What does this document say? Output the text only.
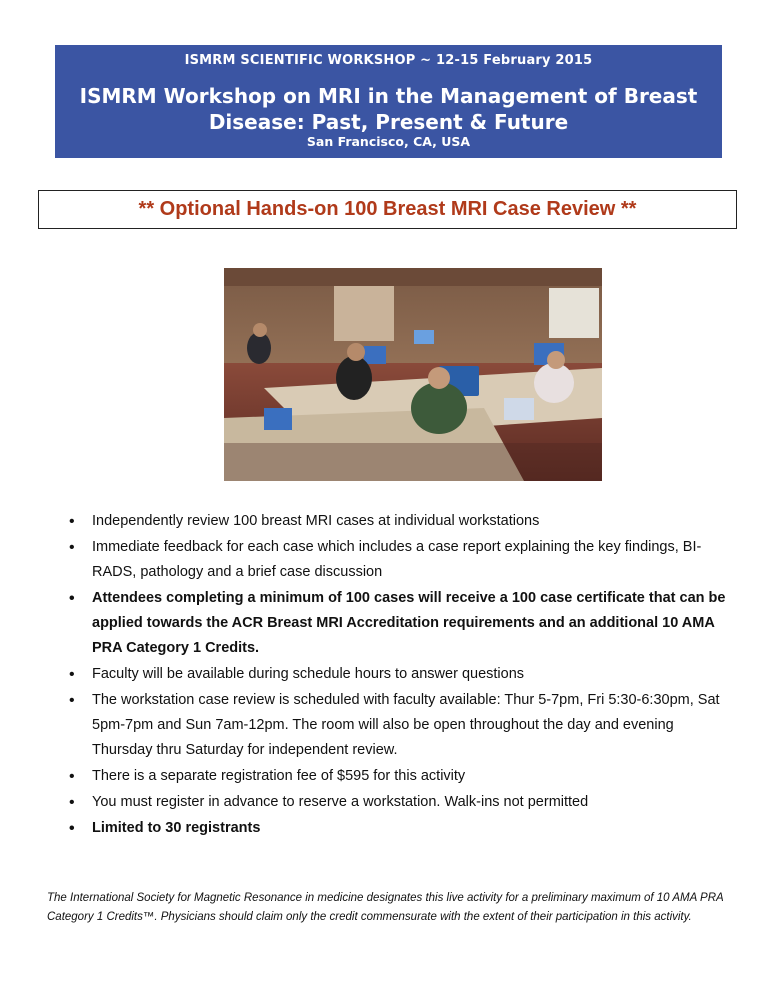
ISMRM SCIENTIFIC WORKSHOP ~ 12-15 February 2015
ISMRM Workshop on MRI in the Management of Breast
Disease: Past, Present & Future
San Francisco, CA, USA
** Optional Hands-on 100 Breast MRI Case Review **
• Independently review 100 breast MRI cases at individual workstations
• Immediate feedback for each case which includes a case report explaining the key findings, BI-RADS, pathology and a brief case discussion
• Attendees completing a minimum of 100 cases will receive a 100 case certificate that can be applied towards the ACR Breast MRI Accreditation requirements and an additional 10 AMA PRA Category 1 Credits.
• Faculty will be available during schedule hours to answer questions
• The workstation case review is scheduled with faculty available: Thur 5-7pm, Fri 5:30-6:30pm, Sat 5pm-7pm and Sun 7am-12pm. The room will also be open throughout the day and evening Thursday thru Saturday for independent review.
• There is a separate registration fee of $595 for this activity
• You must register in advance to reserve a workstation. Walk-ins not permitted
• Limited to 30 registrants
The International Society for Magnetic Resonance in medicine designates this live activity for a preliminary maximum of 10 AMA PRA Category 1 Credits™. Physicians should claim only the credit commensurate with the extent of their participation in this activity.
